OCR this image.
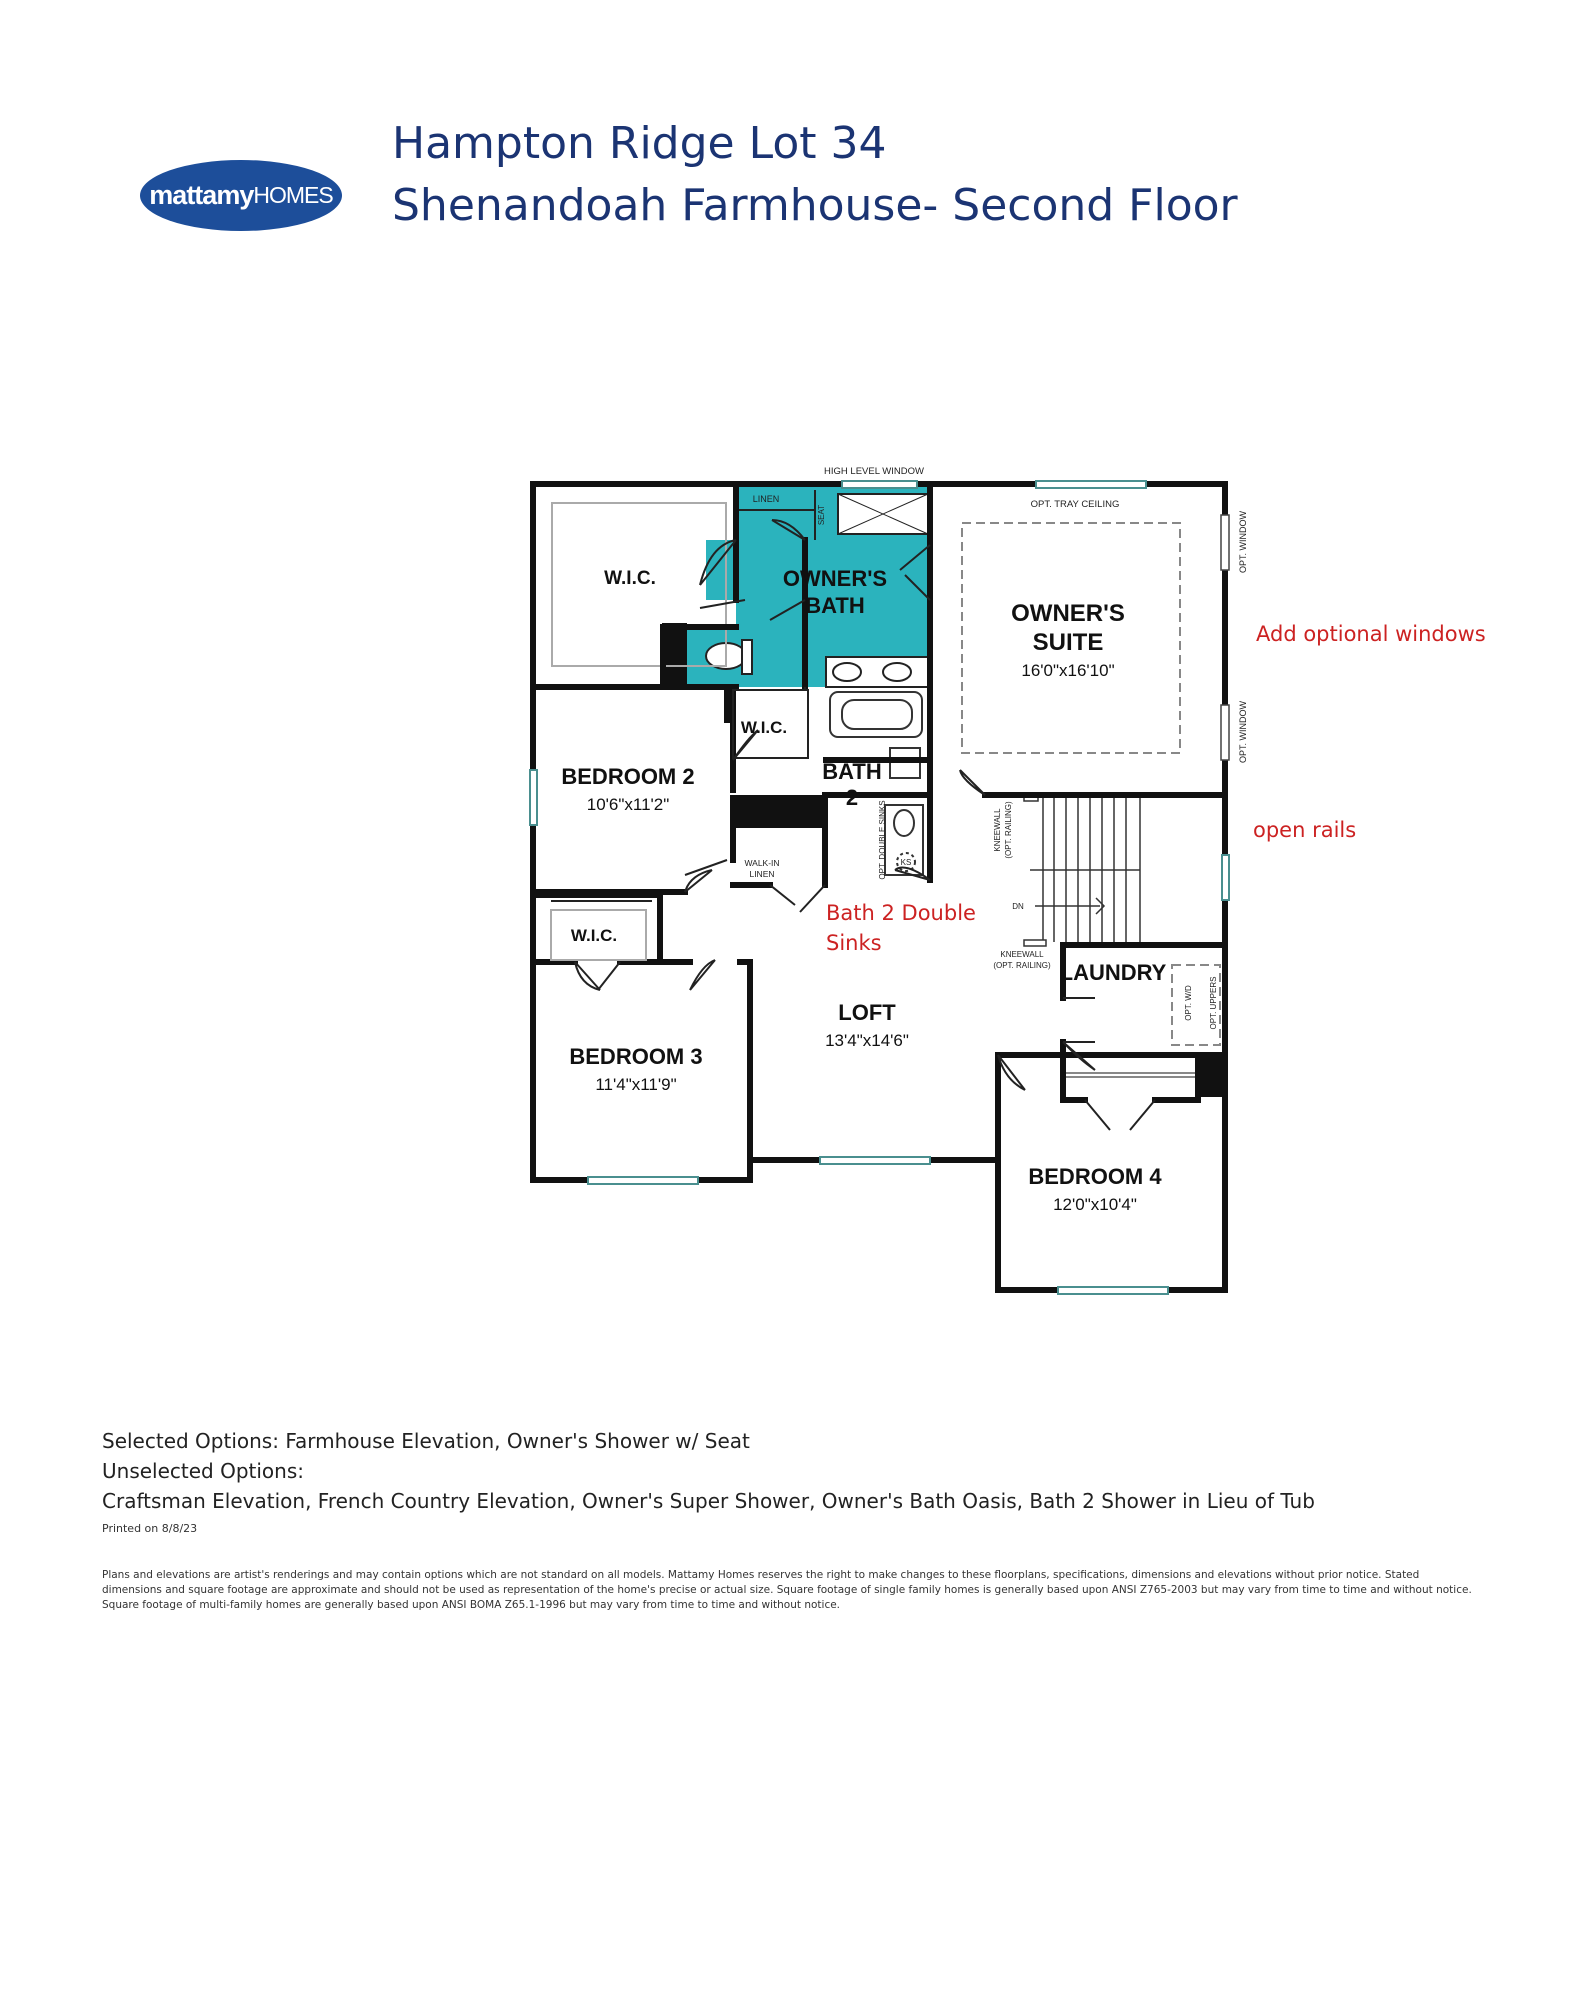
mattamy HOMES
Hampton Ridge Lot 34
Shenandoah Farmhouse- Second Floor
OWNER'S
SUITE
16'0"x16'10"
OWNER'S
BATH
BEDROOM 2
10'6"x11'2"
BATH
2
BEDROOM 3
11'4"x11'9"
LOFT
13'4"x14'6"
LAUNDRY
BEDROOM 4
12'0"x10'4"
W.I.C.
W.I.C.
W.I.C.
LINEN
SEAT
HIGH LEVEL WINDOW
OPT. TRAY CEILING
OPT. WINDOW
OPT. WINDOW
WALK-IN
LINEN	OPT. DOUBLE SINKS KS
KNEEWALL (OPT. RAILING)
DN
KNEEWALL
(OPT. RAILING)
OPT. W/D OPT. UPPERS
Add optional windows
open rails
Bath 2 Double
Sinks
Selected Options: Farmhouse Elevation, Owner's Shower w/ Seat
Unselected Options:
Craftsman Elevation, French Country Elevation, Owner's Super Shower, Owner's Bath Oasis, Bath 2 Shower in Lieu of Tub
Printed on 8/8/23
Plans and elevations are artist's renderings and may contain options which are not standard on all models. Mattamy Homes reserves the right to make changes to these floorplans, specifications, dimensions and elevations without prior notice. Stated dimensions and square footage are approximate and should not be used as representation of the home's precise or actual size. Square footage of single family homes is generally based upon ANSI Z765-2003 but may vary from time to time and without notice. Square footage of multi-family homes are generally based upon ANSI BOMA Z65.1-1996 but may vary from time to time and without notice.
